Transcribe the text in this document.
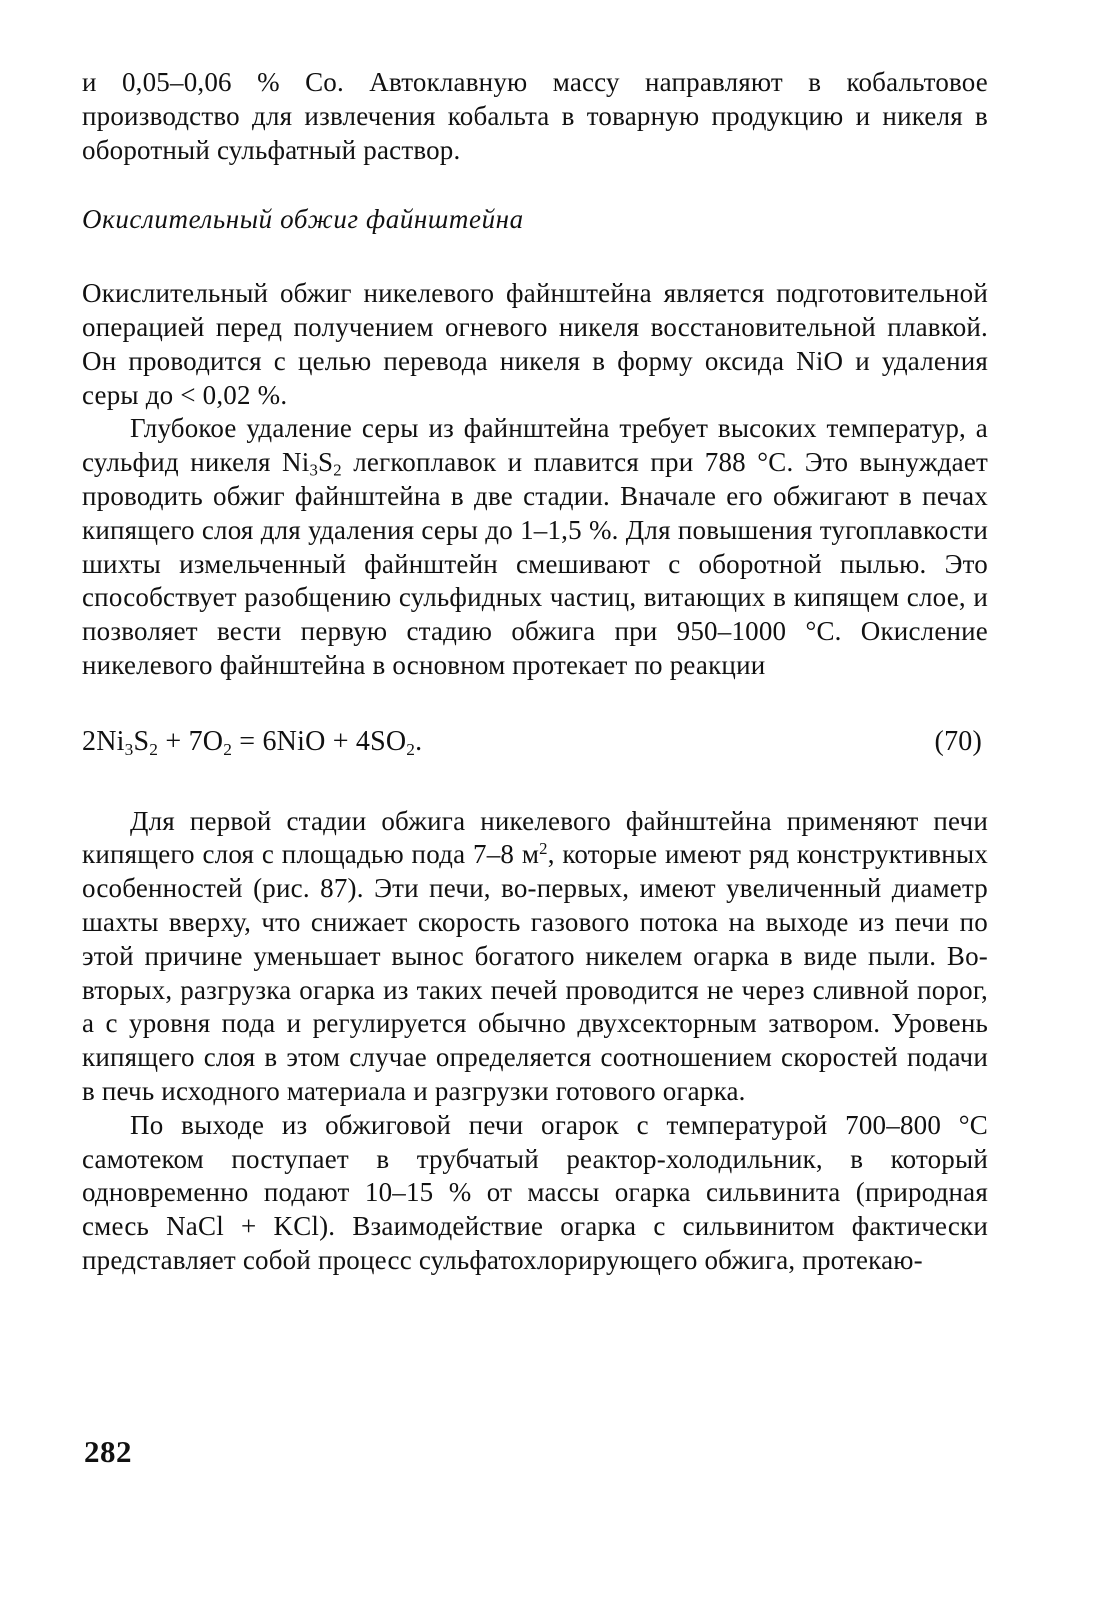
и 0,05–0,06 % Co. Автоклавную массу направляют в кобальтовое производство для извлечения кобальта в товарную продукцию и никеля в оборотный сульфатный раствор.

Окислительный обжиг файнштейна

Окислительный обжиг никелевого файнштейна является подготовительной операцией перед получением огневого никеля восстановительной плавкой. Он проводится с целью перевода никеля в форму оксида NiO и удаления серы до < 0,02 %.

Глубокое удаление серы из файнштейна требует высоких температур, а сульфид никеля $Ni_3S_2$ легкоплавок и плавится при 788 °С. Это вынуждает проводить обжиг файнштейна в две стадии. Вначале его обжигают в печах кипящего слоя для удаления серы до 1–1,5 %. Для повышения тугоплавкости шихты измельченный файнштейн смешивают с оборотной пылью. Это способствует разобщению сульфидных частиц, витающих в кипящем слое, и позволяет вести первую стадию обжига при 950–1000 °С. Окисление никелевого файнштейна в основном протекает по реакции

$2Ni_3S_2 + 7O_2 = 6NiO + 4SO_2$.	(70)

Для первой стадии обжига никелевого файнштейна применяют печи кипящего слоя с площадью пода 7–8 $м^2$, которые имеют ряд конструктивных особенностей (рис. 87). Эти печи, во-первых, имеют увеличенный диаметр шахты вверху, что снижает скорость газового потока на выходе из печи по этой причине уменьшает вынос богатого никелем огарка в виде пыли. Во-вторых, разгрузка огарка из таких печей проводится не через сливной порог, а с уровня пода и регулируется обычно двухсекторным затвором. Уровень кипящего слоя в этом случае определяется соотношением скоростей подачи в печь исходного материала и разгрузки готового огарка.

По выходе из обжиговой печи огарок с температурой 700–800 °С самотеком поступает в трубчатый реактор-холодильник, в который одновременно подают 10–15 % от массы огарка сильвинита (природная смесь NaCl + KCl). Взаимодействие огарка с сильвинитом фактически представляет собой процесс сульфатохлорирующего обжига, протекаю-

282
